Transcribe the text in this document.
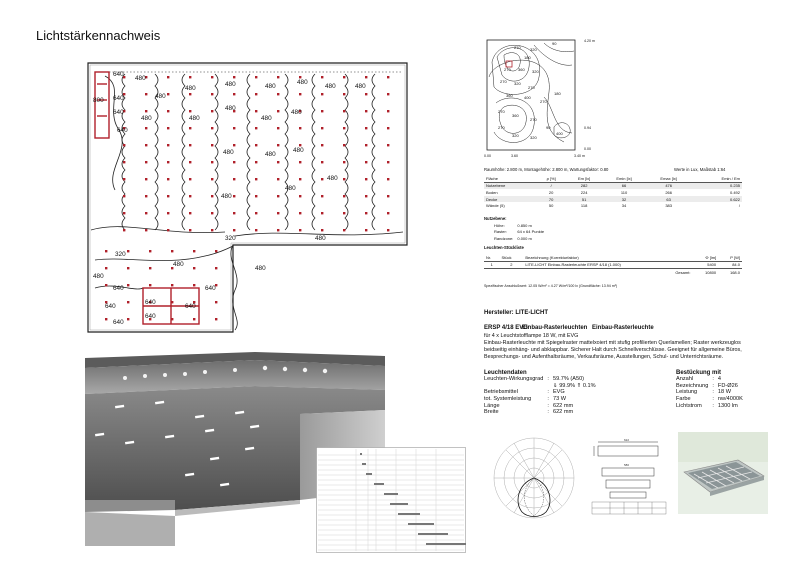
Lichtstärkennachweis
640
480
640
480
640
800
640
480
480
480	480
480
480	480
480
480
480
480
480	480
480
480
480
320
480
320
640
480
640
640
480
640
640
640
640
480
480
270 320
180
90
270 360 320
270 320
270
360	400
180
270
270
360
270
270	90
320	320
400
4.20 m
0.94
0.00
0.00	3.60	3.40 m
Raumhöhe: 2.800 m, Montagehöhe: 2.800 m, Wartungsfaktor: 0.80	Werte in Lux, Maßstab 1:64
Fläche	ρ [%]	Em [lx]	Emin [lx]	Emax [lx]	Emin / Em
Nutzebene	/	282	66	476	0.235
Boden	20	224	110	266	0.492
Decke	70	51	32	63	0.622
Wände (5)	50	118	34	383	/
Nutzebene:
Höhe:	0.850 m
Raster:	64 x 64 Punkte
Randzone:	0.000 m
Leuchten-Stückliste
Nr.	Stück	Bezeichnung (Korrekturfaktor)	Φ [lm]	P [W]
1	2	LITE-LICHT Einbau-Rasterleuchte ERSP 4/18 (1.000)	5400	84.0
		Gesamt:	10800	168.0
Spezifischer Anschlußwert: 12.05 W/m² = 4.27 W/m²/100 lx (Grundfläche: 13.94 m²)
Hersteller: LITE-LICHT
ERSP 4/18 EVG
Einbau-Rasterleuchten Einbau-Rasterleuchte
für 4 x Leuchtstofflampe 18 W, mit EVG
Einbau-Rasterleuchte mit Spiegelraster mattelxoiert mit stufig profilierten Querlamellen; Raster werkzeuglos
beidseitig einhäng- und abklappbar. Sicherer Halt durch Schnellverschlüsse. Geeignet für allgemeine Büros,
Besprechungs- und Aufenthaltsräume, Verkaufsräume, Ausstellungen, Schul- und Unterrichtsräume.
Leuchtendaten
Leuchten-Wirkungsgrad	:	59.7% (A50)
		⇓ 99.9% ⇑ 0.1%
Betriebsmittel	:	EVG
tot. Systemleistung	:	73 W
Länge	:	622 mm
Breite	:	622 mm
Bestückung mit
Anzahl	:	4
Bezeichnung	:	FD-Ø26
Leistung	:	18 W
Farbe	:	nw/4000K
Lichtstrom	:	1300 lm
622
580
